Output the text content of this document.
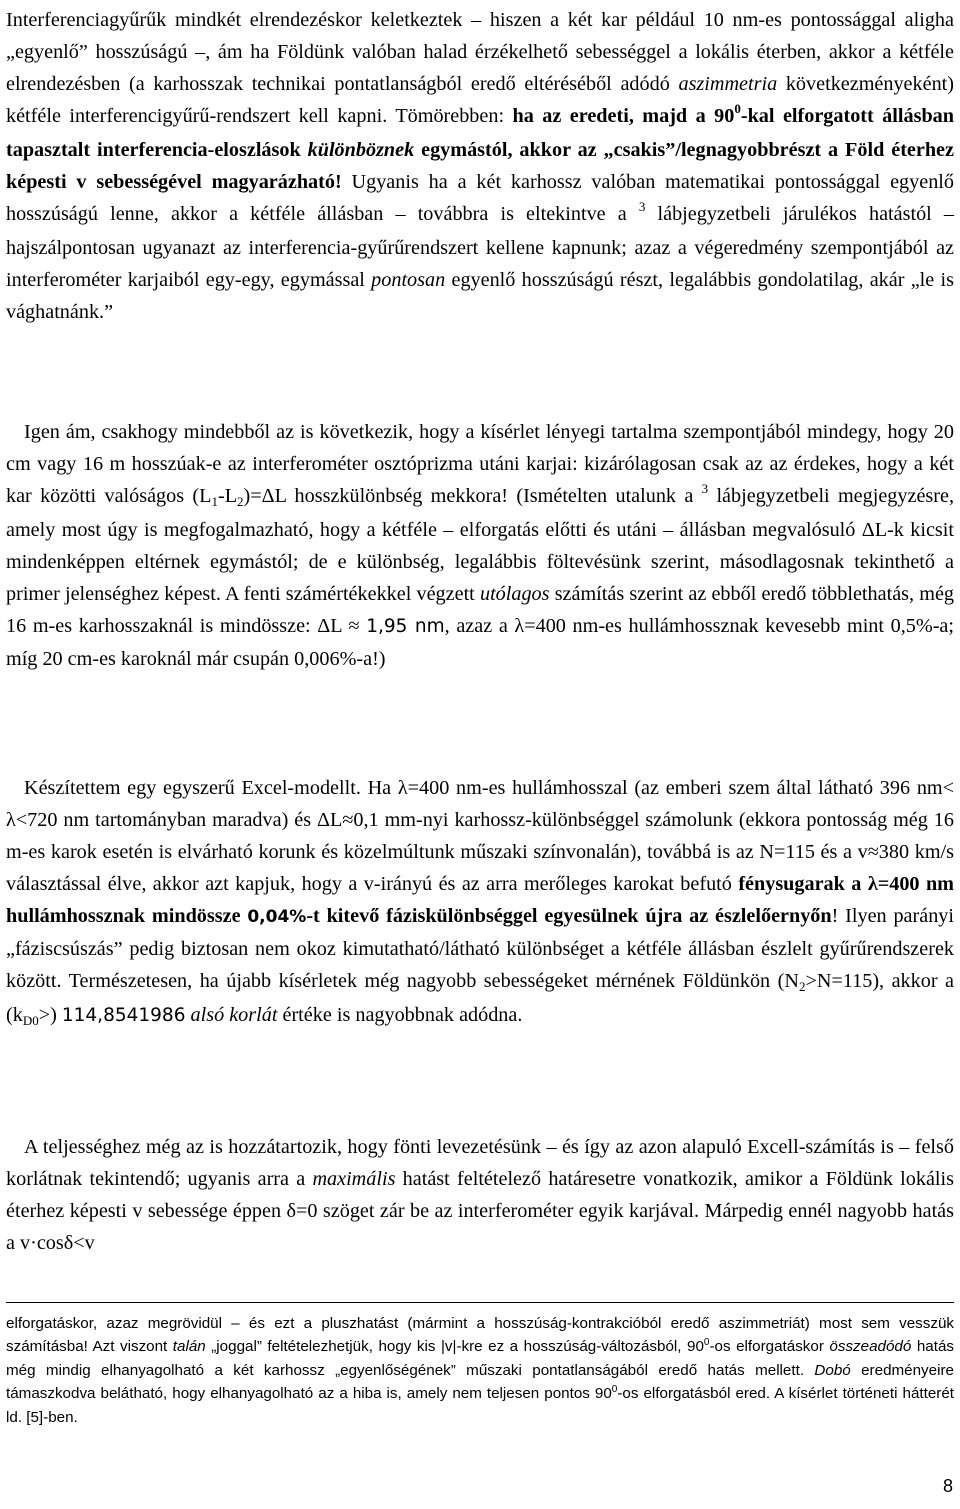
Interferenciagyűrűk mindkét elrendezéskor keletkeztek – hiszen a két kar például 10 nm-es pontossággal aligha „egyenlő” hosszúságú –, ám ha Földünk valóban halad érzékelhető sebességgel a lokális éterben, akkor a kétféle elrendezésben (a karhosszak technikai pontatlanságból eredő eltéréséből adódó aszimmetria következményeként) kétféle interferencigyűrű-rendszert kell kapni. Tömörebben: ha az eredeti, majd a $90^0$-kal elforgatott állásban tapasztalt interferencia-eloszlások különböznek egymástól, akkor az „csakis”/legnagyobbrészt a Föld éterhez képesti v sebességével magyarázható! Ugyanis ha a két karhossz valóban matematikai pontossággal egyenlő hosszúságú lenne, akkor a kétféle állásban – továbbra is eltekintve a $^3$ lábjegyzetbeli járulékos hatástól – hajszálpontosan ugyanazt az interferencia-gyűrűrendszert kellene kapnunk; azaz a végeredmény szempontjából az interferométer karjaiból egy-egy, egymással pontosan egyenlő hosszúságú részt, legalábbis gondolatilag, akár „le is vághatnánk.”

Igen ám, csakhogy mindebből az is következik, hogy a kísérlet lényegi tartalma szempontjából mindegy, hogy 20 cm vagy 16 m hosszúak-e az interferométer osztóprizma utáni karjai: kizárólagosan csak az az érdekes, hogy a két kar közötti valóságos $(L_1-L_2)=\Delta L$ hosszkülönbség mekkora! (Ismételten utalunk a $^3$ lábjegyzetbeli megjegyzésre, amely most úgy is megfogalmazható, hogy a kétféle – elforgatás előtti és utáni – állásban megvalósuló ΔL-k kicsit mindenképpen eltérnek egymástól; de e különbség, legalábbis föltevésünk szerint, másodlagosnak tekinthető a primer jelenséghez képest. A fenti számértékekkel végzett utólagos számítás szerint az ebből eredő többlethatás, még 16 m-es karhosszaknál is mindössze: ΔL ≈ 1,95 nm, azaz a λ=400 nm-es hullámhossznak kevesebb mint 0,5%-a; míg 20 cm-es karoknál már csupán 0,006%-a!)

Készítettem egy egyszerű Excel-modellt. Ha λ=400 nm-es hullámhosszal (az emberi szem által látható 396 nm< λ<720 nm tartományban maradva) és ΔL≈0,1 mm-nyi karhossz-különbséggel számolunk (ekkora pontosság még 16 m-es karok esetén is elvárható korunk és közelmúltunk műszaki színvonalán), továbbá is az N=115 és a v≈380 km/s választással élve, akkor azt kapjuk, hogy a v-irányú és az arra merőleges karokat befutó fénysugarak a λ=400 nm hullámhossznak mindössze 0,04%-t kitevő fáziskülönbséggel egyesülnek újra az észlelőernyőn! Ilyen parányi „fáziscsúszás” pedig biztosan nem okoz kimutatható/látható különbséget a kétféle állásban észlelt gyűrűrendszerek között. Természetesen, ha újabb kísérletek még nagyobb sebességeket mérnének Földünkön $(N_2>N=115)$, akkor a $(k_{D0}>)$ 114,8541986 alsó korlát értéke is nagyobbnak adódna.

A teljességhez még az is hozzátartozik, hogy fönti levezetésünk – és így az azon alapuló Excell-számítás is – felső korlátnak tekintendő; ugyanis arra a maximális hatást feltételező határesetre vonatkozik, amikor a Földünk lokális éterhez képesti v sebessége éppen δ=0 szöget zár be az interferométer egyik karjával. Márpedig ennél nagyobb hatás a v·cosδ<v

elforgatáskor, azaz megrövidül – és ezt a pluszhatást (mármint a hosszúság-kontrakcióból eredő aszimmetriát) most sem vesszük számításba! Azt viszont talán „joggal” feltételezhetjük, hogy kis |v|-kre ez a hosszúság-változásból, $90^0-os$ elforgatáskor összeadódó hatás még mindig elhanyagolható a két karhossz „egyenlőségének” műszaki pontatlanságából eredő hatás mellett. Dobó eredményeire támaszkodva belátható, hogy elhanyagolható az a hiba is, amely nem teljesen pontos $90^0-os$ elforgatásból ered. A kísérlet történeti hátterét ld. [5]-ben.

8
